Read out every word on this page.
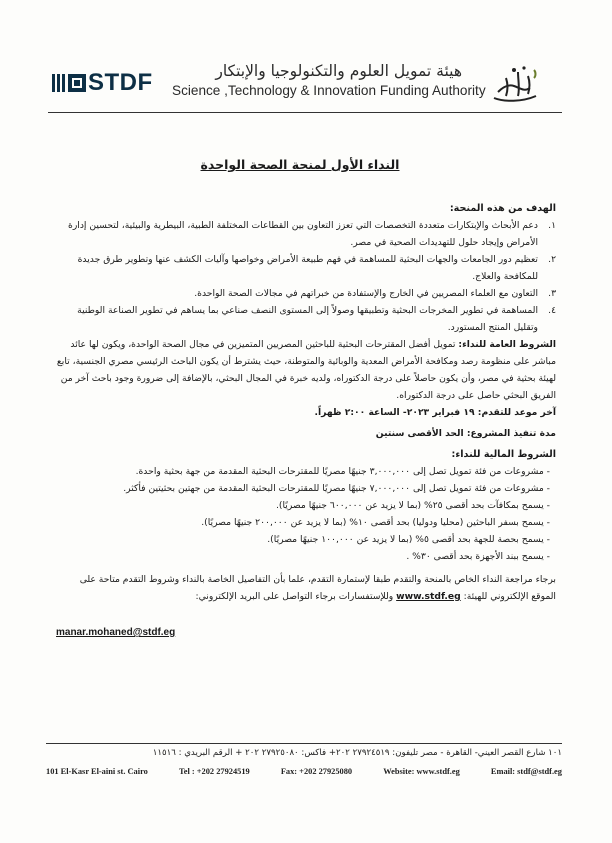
STDF	هيئة تمويل العلوم والتكنولوجيا والإبتكار
Science ,Technology & Innovation Funding Authority
النداء الأول لمنحة الصحة الواحدة

الهدف من هذه المنحة:

١.
دعم الأبحاث والإبتكارات متعددة التخصصات التي تعزز التعاون بين القطاعات المختلفة الطبية، البيطرية والبيئية، لتحسين إدارة الأمراض وإيجاد حلول للتهديدات الصحية في مصر.
٢.
تعظيم دور الجامعات والجهات البحثية للمساهمة في فهم طبيعة الأمراض وخواصها وآليات الكشف عنها وتطوير طرق جديدة للمكافحة والعلاج.
٣.
التعاون مع العلماء المصريين في الخارج والإستفادة من خبراتهم في مجالات الصحة الواحدة.
٤.
المساهمة في تطوير المخرجات البحثية وتطبيقها وصولاً إلى المستوى النصف صناعي بما يساهم في تطوير الصناعة الوطنية وتقليل المنتج المستورد.

الشروط العامة للنداء: تمويل أفضل المقترحات البحثية للباحثين المصريين المتميزين في مجال الصحة الواحدة، ويكون لها عائد مباشر على منظومة رصد ومكافحة الأمراض المعدية والوبائية والمتوطنة، حيث يشترط أن يكون الباحث الرئيسي مصري الجنسية، تابع لهيئة بحثية في مصر، وأن يكون حاصلاً على درجة الدكتوراه، ولديه خبرة في المجال البحثي، بالإضافة إلى ضرورة وجود باحث آخر من الفريق البحثي حاصل على درجة الدكتوراه.

آخر موعد للتقدم: ١٩ فبراير ٢٠٢٣- الساعة ٢:٠٠ ظهراً.

مدة تنفيذ المشروع: الحد الأقصى سنتين

الشروط المالية للنداء:

- مشروعات من فئة تمويل تصل إلى ٣,٠٠٠,٠٠٠ جنيهًا مصريًا للمقترحات البحثية المقدمة من جهة بحثية واحدة.
- مشروعات من فئة تمويل تصل إلى ٧,٠٠٠,٠٠٠ جنيهًا مصريًا للمقترحات البحثية المقدمة من جهتين بحثيتين فأكثر.
- يسمح بمكافآت بحد أقصى ٢٥% (بما لا يزيد عن ٦٠٠,٠٠٠ جنيهًا مصريًا).
- يسمح بسفر الباحثين (محليا ودوليا) بحد أقصى ١٠% (بما لا يزيد عن ٢٠٠,٠٠٠ جنيهًا مصريًا).
- يسمح بحصة للجهة بحد أقصى ٥% (بما لا يزيد عن ١٠٠,٠٠٠ جنيهًا مصريًا).
- يسمح ببند الأجهزة بحد أقصى ٣٠% .

برجاء مراجعة النداء الخاص بالمنحة والتقدم طبقا لإستمارة التقدم، علما بأن التفاصيل الخاصة بالنداء وشروط التقدم متاحة على الموقع الإلكتروني للهيئة: www.stdf.eg وللإستفسارات برجاء التواصل على البريد الإلكتروني:

manar.mohaned@stdf.eg
١٠١ شارع القصر العيني- القاهرة - مصر تليفون: ٢٧٩٢٤٥١٩ ٢٠٢+ فاكس: ٢٧٩٢٥٠٨٠ ٢٠٢ + الرقم البريدي : ١١٥١٦
101 El-Kasr El-aini st. Cairo	Tel : +202 27924519	Fax: +202 27925080	Website: www.stdf.eg	Email: stdf@stdf.eg
